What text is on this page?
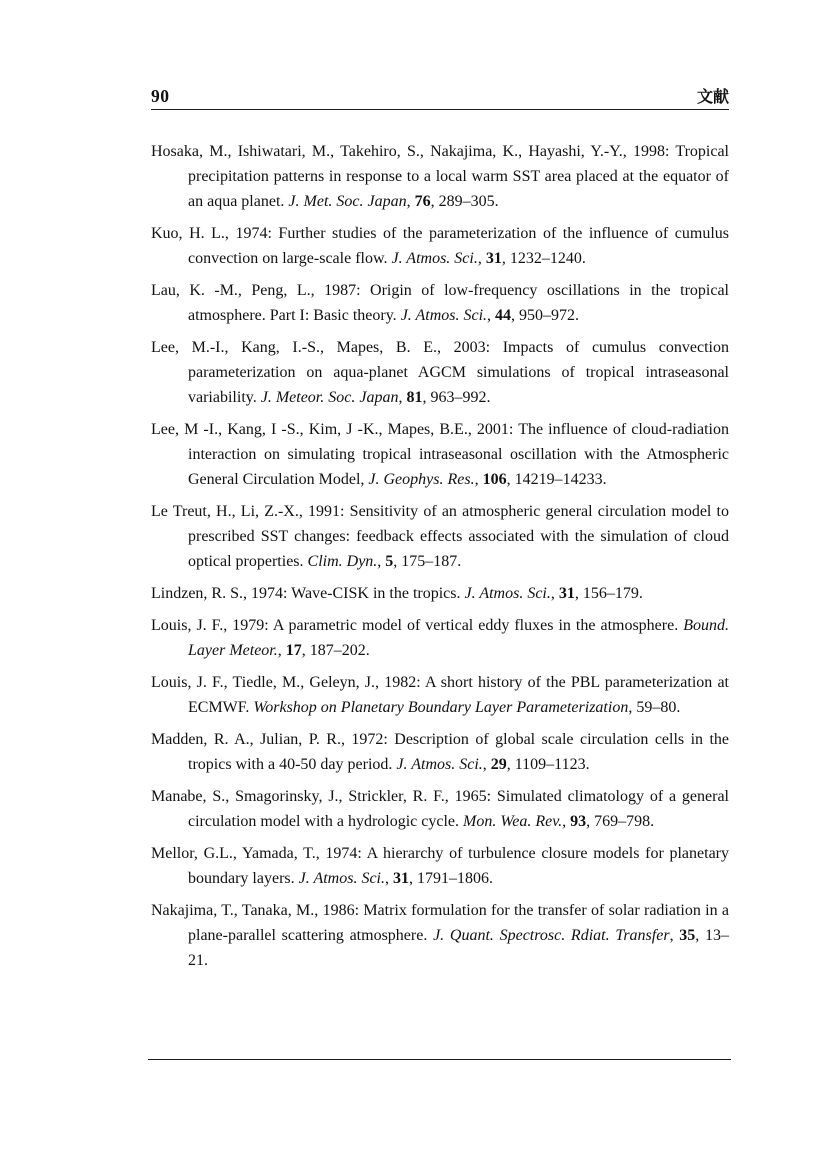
90	文献

Hosaka, M., Ishiwatari, M., Takehiro, S., Nakajima, K., Hayashi, Y.-Y., 1998: Tropical precipitation patterns in response to a local warm SST area placed at the equator of an aqua planet. J. Met. Soc. Japan, 76, 289–305.

Kuo, H. L., 1974: Further studies of the parameterization of the influence of cumulus convection on large-scale flow. J. Atmos. Sci., 31, 1232–1240.

Lau, K. -M., Peng, L., 1987: Origin of low-frequency oscillations in the tropical atmosphere. Part I: Basic theory. J. Atmos. Sci., 44, 950–972.

Lee, M.-I., Kang, I.-S., Mapes, B. E., 2003: Impacts of cumulus convection parameterization on aqua-planet AGCM simulations of tropical intraseasonal variability. J. Meteor. Soc. Japan, 81, 963–992.

Lee, M -I., Kang, I -S., Kim, J -K., Mapes, B.E., 2001: The influence of cloud-radiation interaction on simulating tropical intraseasonal oscillation with the Atmospheric General Circulation Model, J. Geophys. Res., 106, 14219–14233.

Le Treut, H., Li, Z.-X., 1991: Sensitivity of an atmospheric general circulation model to prescribed SST changes: feedback effects associated with the simulation of cloud optical properties. Clim. Dyn., 5, 175–187.

Lindzen, R. S., 1974: Wave-CISK in the tropics. J. Atmos. Sci., 31, 156–179.

Louis, J. F., 1979: A parametric model of vertical eddy fluxes in the atmosphere. Bound. Layer Meteor., 17, 187–202.

Louis, J. F., Tiedle, M., Geleyn, J., 1982: A short history of the PBL parameterization at ECMWF. Workshop on Planetary Boundary Layer Parameterization, 59–80.

Madden, R. A., Julian, P. R., 1972: Description of global scale circulation cells in the tropics with a 40-50 day period. J. Atmos. Sci., 29, 1109–1123.

Manabe, S., Smagorinsky, J., Strickler, R. F., 1965: Simulated climatology of a general circulation model with a hydrologic cycle. Mon. Wea. Rev., 93, 769–798.

Mellor, G.L., Yamada, T., 1974: A hierarchy of turbulence closure models for planetary boundary layers. J. Atmos. Sci., 31, 1791–1806.

Nakajima, T., Tanaka, M., 1986: Matrix formulation for the transfer of solar radiation in a plane-parallel scattering atmosphere. J. Quant. Spectrosc. Rdiat. Transfer, 35, 13–21.
